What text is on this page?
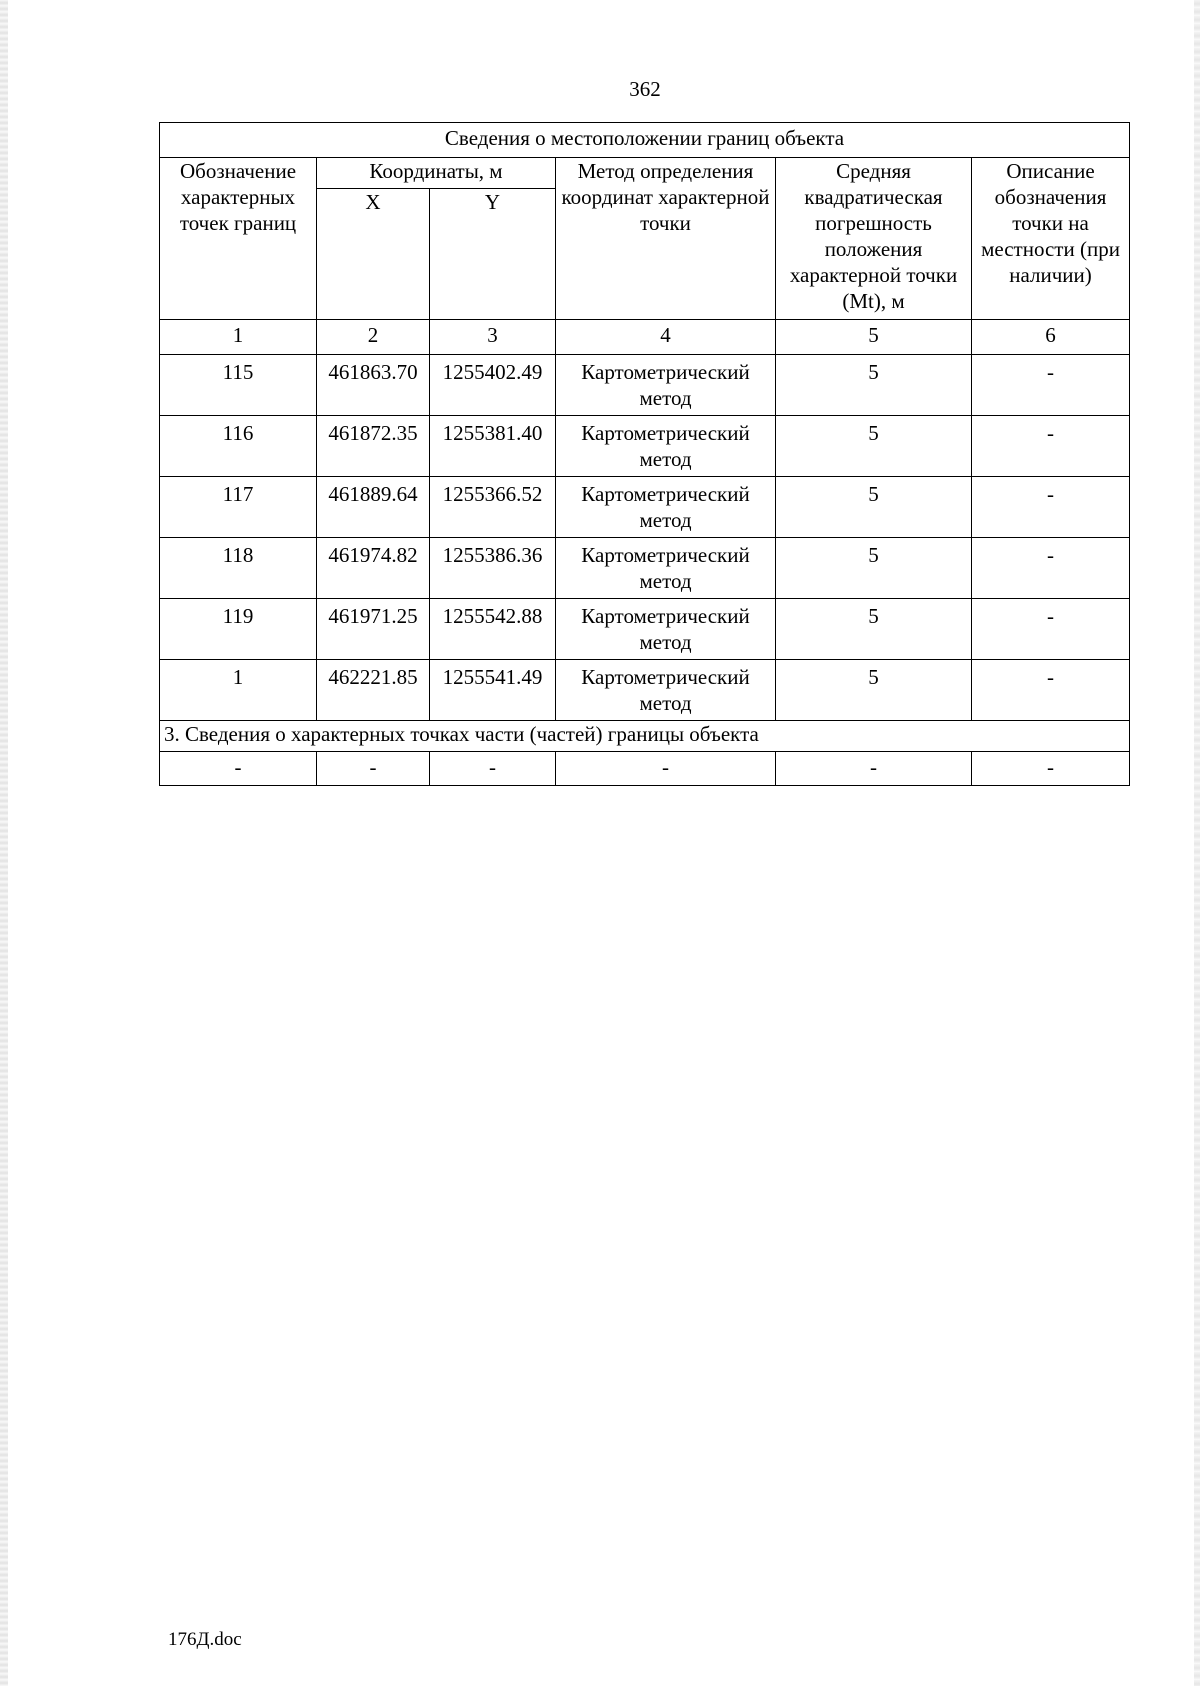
362
Сведения о местоположении границ объекта					
Обозначение характерных точек границ	Координаты, м		Метод определения координат характерной точки	Средняя квадратическая погрешность положения характерной точки (Mt), м	Описание обозначения точки на местности (при наличии)
	X	Y			
1	2	3	4	5	6
115	461863.70	1255402.49	Картометрический метод	5	-
116	461872.35	1255381.40	Картометрический метод	5	-
117	461889.64	1255366.52	Картометрический метод	5	-
118	461974.82	1255386.36	Картометрический метод	5	-
119	461971.25	1255542.88	Картометрический метод	5	-
1	462221.85	1255541.49	Картометрический метод	5	-
3. Сведения о характерных точках части (частей) границы объекта					
-	-	-	-	-	-
176Д.doc
